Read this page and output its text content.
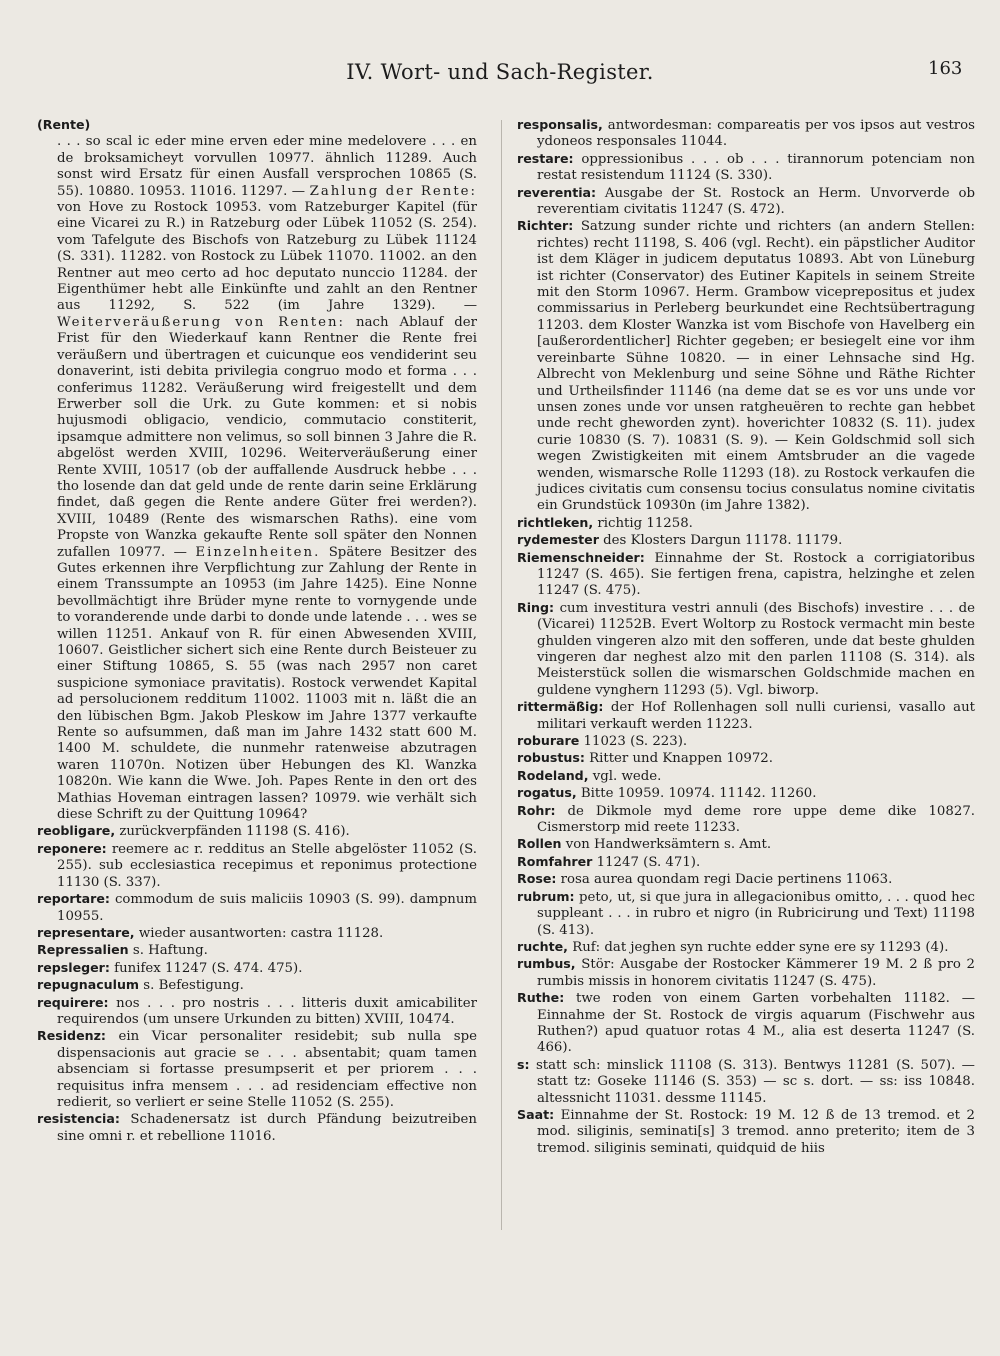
IV. Wort- und Sach-Register.	163

(Rente)

. . . so scal ic eder mine erven eder mine medelovere . . . en de broksamicheyt vorvullen 10977. ähnlich 11289. Auch sonst wird Ersatz für einen Ausfall versprochen 10865 (S. 55). 10880. 10953. 11016. 11297. — Zahlung der Rente: von Hove zu Rostock 10953. vom Ratzeburger Kapitel (für eine Vicarei zu R.) in Ratzeburg oder Lübek 11052 (S. 254). vom Tafelgute des Bischofs von Ratzeburg zu Lübek 11124 (S. 331). 11282. von Rostock zu Lübek 11070. 11002. an den Rentner aut meo certo ad hoc deputato nunccio 11284. der Eigenthümer hebt alle Einkünfte und zahlt an den Rentner aus 11292, S. 522 (im Jahre 1329). — Weiterveräußerung von Renten: nach Ablauf der Frist für den Wiederkauf kann Rentner die Rente frei veräußern und übertragen et cuicunque eos vendiderint seu donaverint, isti debita privilegia congruo modo et forma . . . conferimus 11282. Veräußerung wird freigestellt und dem Erwerber soll die Urk. zu Gute kommen: et si nobis hujusmodi obligacio, vendicio, commutacio constiterit, ipsamque admittere non velimus, so soll binnen 3 Jahre die R. abgelöst werden XVIII, 10296. Weiterveräußerung einer Rente XVIII, 10517 (ob der auffallende Ausdruck hebbe . . . tho losende dan dat geld unde de rente darin seine Erklärung findet, daß gegen die Rente andere Güter frei werden?). XVIII, 10489 (Rente des wismarschen Raths). eine vom Propste von Wanzka gekaufte Rente soll später den Nonnen zufallen 10977. — Einzelnheiten. Spätere Besitzer des Gutes erkennen ihre Verpflichtung zur Zahlung der Rente in einem Transsumpte an 10953 (im Jahre 1425). Eine Nonne bevollmächtigt ihre Brüder myne rente to vornygende unde to voranderende unde darbi to donde unde latende . . . wes se willen 11251. Ankauf von R. für einen Abwesenden XVIII, 10607. Geistlicher sichert sich eine Rente durch Beisteuer zu einer Stiftung 10865, S. 55 (was nach 2957 non caret suspicione symoniace pravitatis). Rostock verwendet Kapital ad persolucionem redditum 11002. 11003 mit n. läßt die an den lübischen Bgm. Jakob Pleskow im Jahre 1377 verkaufte Rente so aufsummen, daß man im Jahre 1432 statt 600 M. 1400 M. schuldete, die nunmehr ratenweise abzutragen waren 11070n. Notizen über Hebungen des Kl. Wanzka 10820n. Wie kann die Wwe. Joh. Papes Rente in den ort des Mathias Hoveman eintragen lassen? 10979. wie verhält sich diese Schrift zu der Quittung 10964?

reobligare, zurückverpfänden 11198 (S. 416).

reponere: reemere ac r. redditus an Stelle abgelöster 11052 (S. 255). sub ecclesiastica recepimus et reponimus protectione 11130 (S. 337).

reportare: commodum de suis maliciis 10903 (S. 99). dampnum 10955.

representare, wieder ausantworten: castra 11128.

Repressalien s. Haftung.

repsleger: funifex 11247 (S. 474. 475).

repugnaculum s. Befestigung.

requirere: nos . . . pro nostris . . . litteris duxit amicabiliter requirendos (um unsere Urkunden zu bitten) XVIII, 10474.

Residenz: ein Vicar personaliter residebit; sub nulla spe dispensacionis aut gracie se . . . absentabit; quam tamen absenciam si fortasse presumpserit et per priorem . . . requisitus infra mensem . . . ad residenciam effective non redierit, so verliert er seine Stelle 11052 (S. 255).

resistencia: Schadenersatz ist durch Pfändung beizutreiben sine omni r. et rebellione 11016.

responsalis, antwordesman: compareatis per vos ipsos aut vestros ydoneos responsales 11044.

restare: oppressionibus . . . ob . . . tirannorum potenciam non restat resistendum 11124 (S. 330).

reverentia: Ausgabe der St. Rostock an Herm. Unvorverde ob reverentiam civitatis 11247 (S. 472).

Richter: Satzung sunder richte und richters (an andern Stellen: richtes) recht 11198, S. 406 (vgl. Recht). ein päpstlicher Auditor ist dem Kläger in judicem deputatus 10893. Abt von Lüneburg ist richter (Conservator) des Eutiner Kapitels in seinem Streite mit den Storm 10967. Herm. Grambow viceprepositus et judex commissarius in Perleberg beurkundet eine Rechtsübertragung 11203. dem Kloster Wanzka ist vom Bischofe von Havelberg ein [außerordentlicher] Richter gegeben; er besiegelt eine vor ihm vereinbarte Sühne 10820. — in einer Lehnsache sind Hg. Albrecht von Meklenburg und seine Söhne und Räthe Richter und Urtheilsfinder 11146 (na deme dat se es vor uns unde vor unsen zones unde vor unsen ratgheuëren to rechte gan hebbet unde recht gheworden zynt). hoverichter 10832 (S. 11). judex curie 10830 (S. 7). 10831 (S. 9). — Kein Goldschmid soll sich wegen Zwistigkeiten mit einem Amtsbruder an die vagede wenden, wismarsche Rolle 11293 (18). zu Rostock verkaufen die judices civitatis cum consensu tocius consulatus nomine civitatis ein Grundstück 10930n (im Jahre 1382).

richtleken, richtig 11258.

rydemester des Klosters Dargun 11178. 11179.

Riemenschneider: Einnahme der St. Rostock a corrigiatoribus 11247 (S. 465). Sie fertigen frena, capistra, helzinghe et zelen 11247 (S. 475).

Ring: cum investitura vestri annuli (des Bischofs) investire . . . de (Vicarei) 11252B. Evert Woltorp zu Rostock vermacht min beste ghulden vingeren alzo mit den sofferen, unde dat beste ghulden vingeren dar neghest alzo mit den parlen 11108 (S. 314). als Meisterstück sollen die wismarschen Goldschmide machen en guldene vynghern 11293 (5). Vgl. biworp.

rittermäßig: der Hof Rollenhagen soll nulli curiensi, vasallo aut militari verkauft werden 11223.

roburare 11023 (S. 223).

robustus: Ritter und Knappen 10972.

Rodeland, vgl. wede.

rogatus, Bitte 10959. 10974. 11142. 11260.

Rohr: de Dikmole myd deme rore uppe deme dike 10827. Cismerstorp mid reete 11233.

Rollen von Handwerksämtern s. Amt.

Romfahrer 11247 (S. 471).

Rose: rosa aurea quondam regi Dacie pertinens 11063.

rubrum: peto, ut, si que jura in allegacionibus omitto, . . . quod hec suppleant . . . in rubro et nigro (in Rubricirung und Text) 11198 (S. 413).

ruchte, Ruf: dat jeghen syn ruchte edder syne ere sy 11293 (4).

rumbus, Stör: Ausgabe der Rostocker Kämmerer 19 M. 2 ß pro 2 rumbis missis in honorem civitatis 11247 (S. 475).

Ruthe: twe roden von einem Garten vorbehalten 11182. — Einnahme der St. Rostock de virgis aquarum (Fischwehr aus Ruthen?) apud quatuor rotas 4 M., alia est deserta 11247 (S. 466).

s: statt sch: minslick 11108 (S. 313). Bentwys 11281 (S. 507). — statt tz: Goseke 11146 (S. 353) — sc s. dort. — ss: iss 10848. altessnicht 11031. dessme 11145.

Saat: Einnahme der St. Rostock: 19 M. 12 ß de 13 tremod. et 2 mod. siliginis, seminati[s] 3 tremod. anno preterito; item de 3 tremod. siliginis seminati, quidquid de hiis
